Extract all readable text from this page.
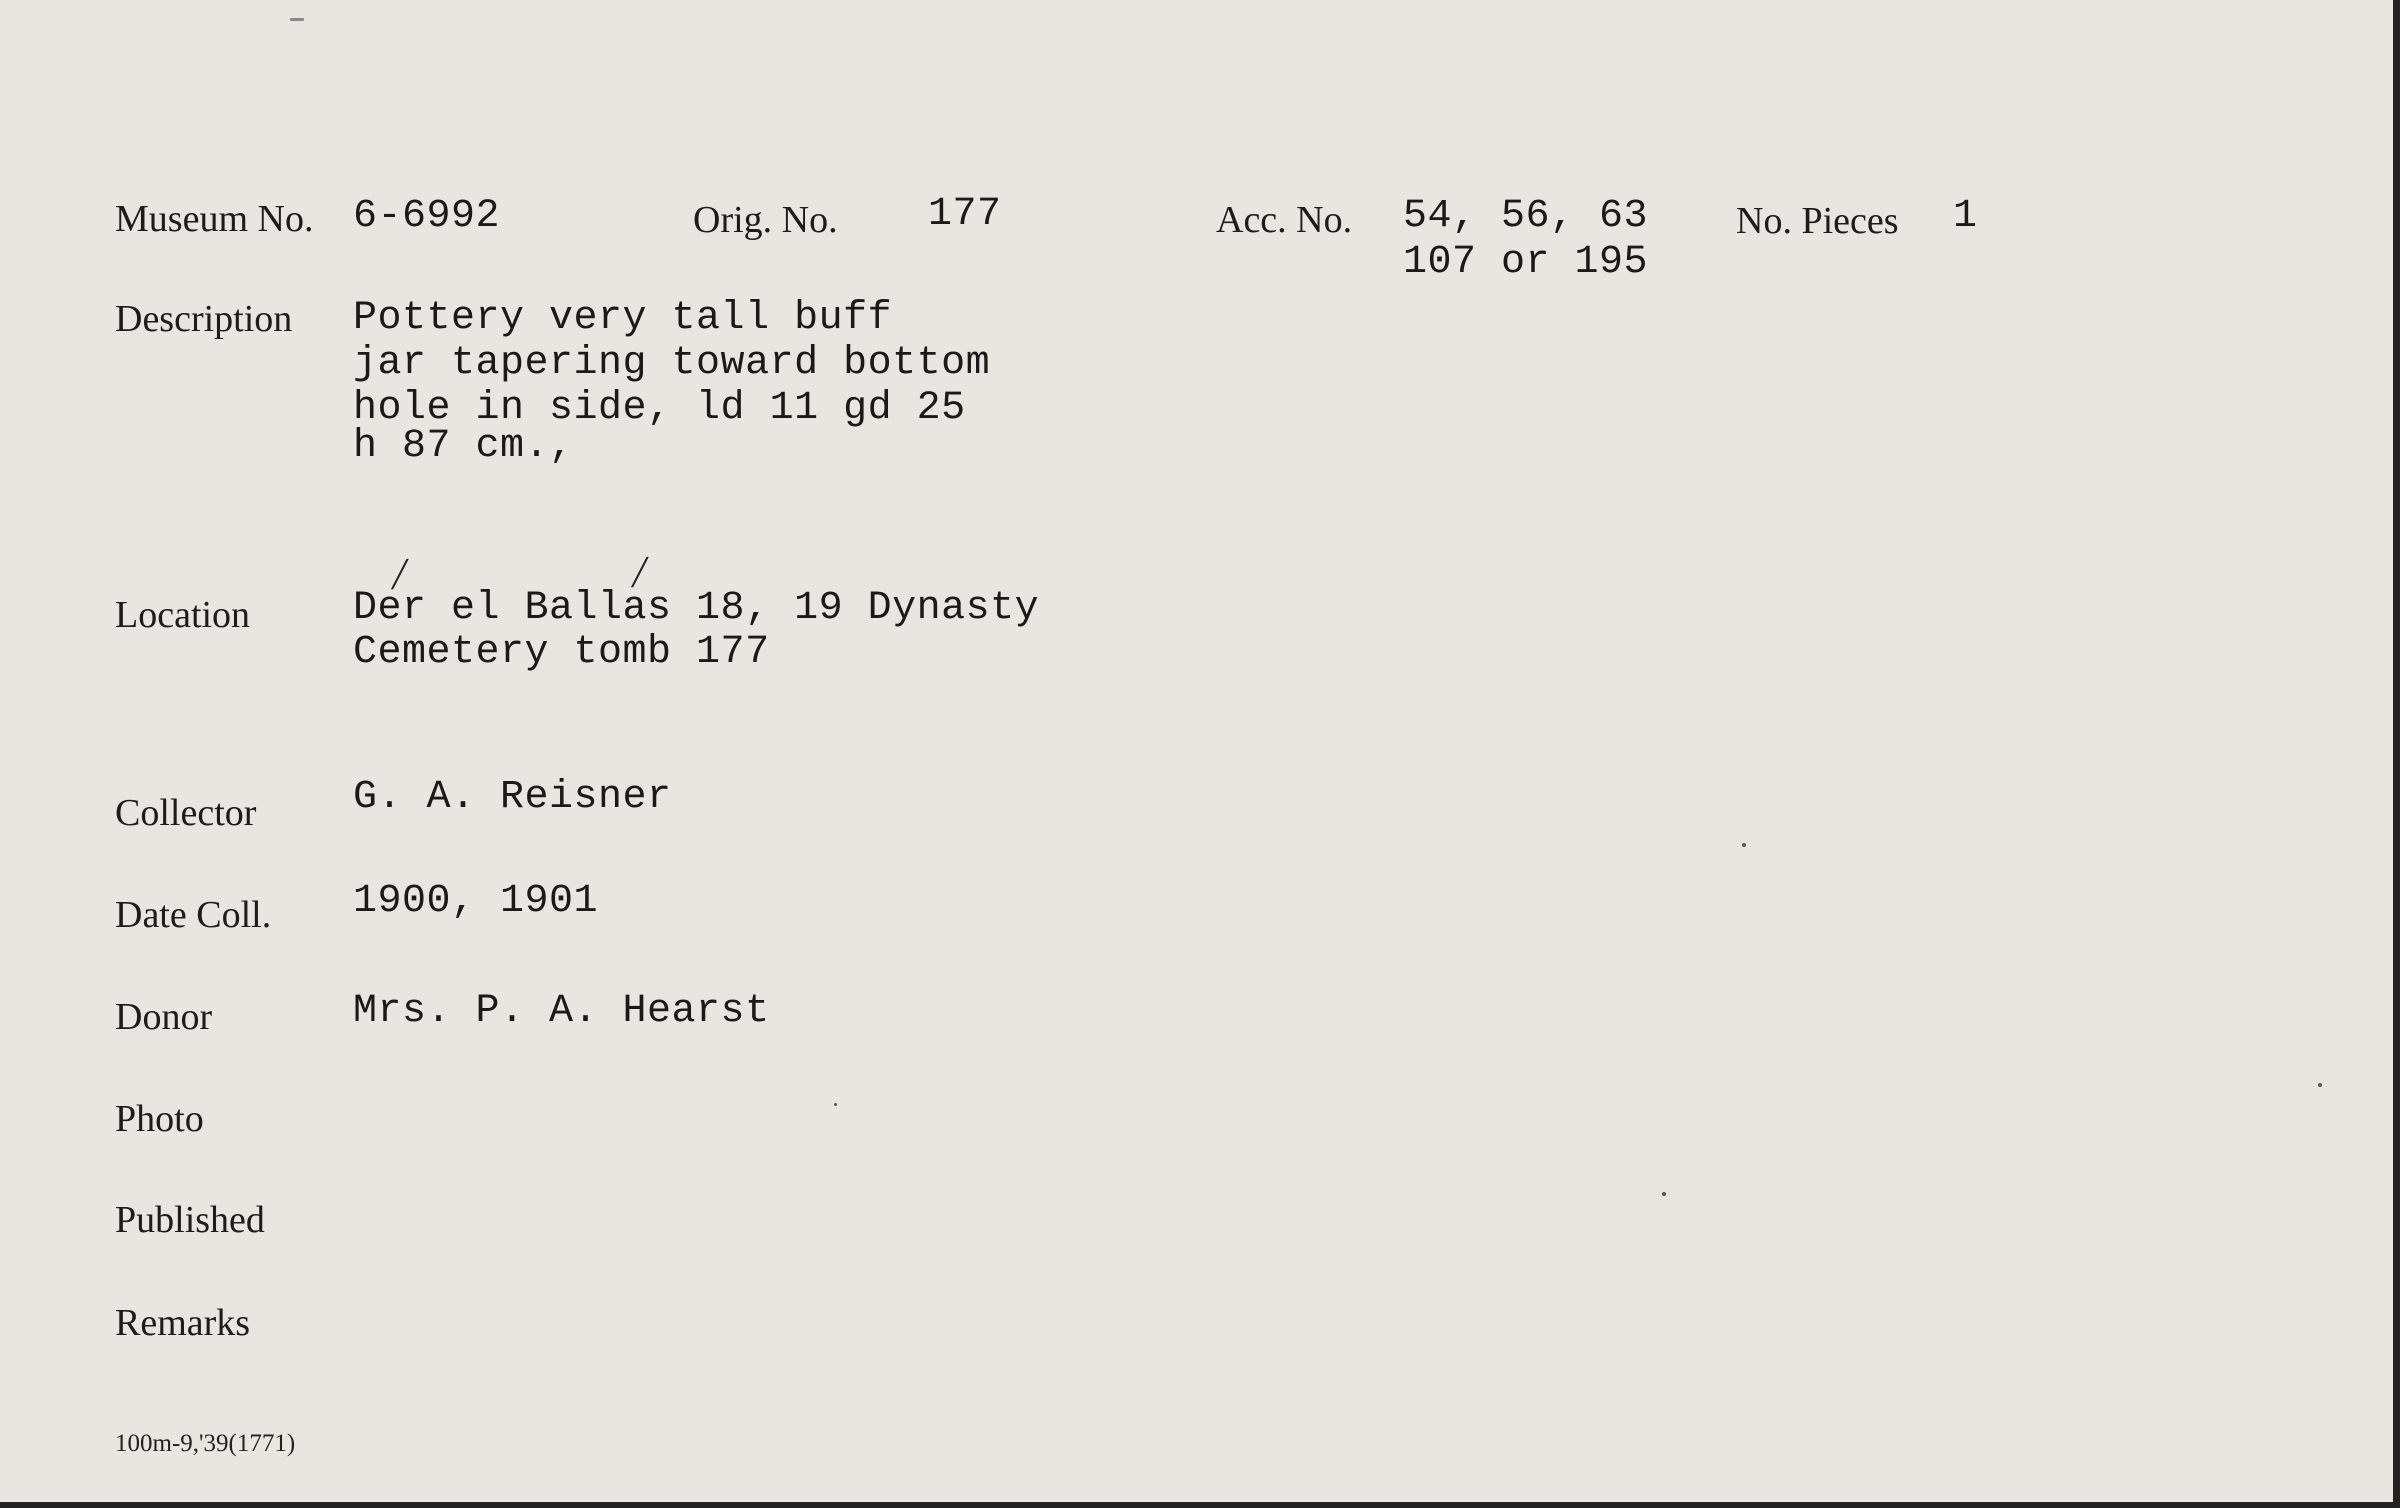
Museum No. 6-6992	Orig. No. 177	Acc. No. 54, 56, 63
107 or 195
No. Pieces 1
Description Pottery very tall buff
jar tapering toward bottom
hole in side, ld 11 gd 25
h 87 cm.,
╱	╱
Location	Der el Ballas 18, 19 Dynasty
Cemetery tomb 177
Collector G. A. Reisner
Date Coll. 1900, 1901
Donor	Mrs. P. A. Hearst
Photo
Published
Remarks
100m-9,'39(1771)
